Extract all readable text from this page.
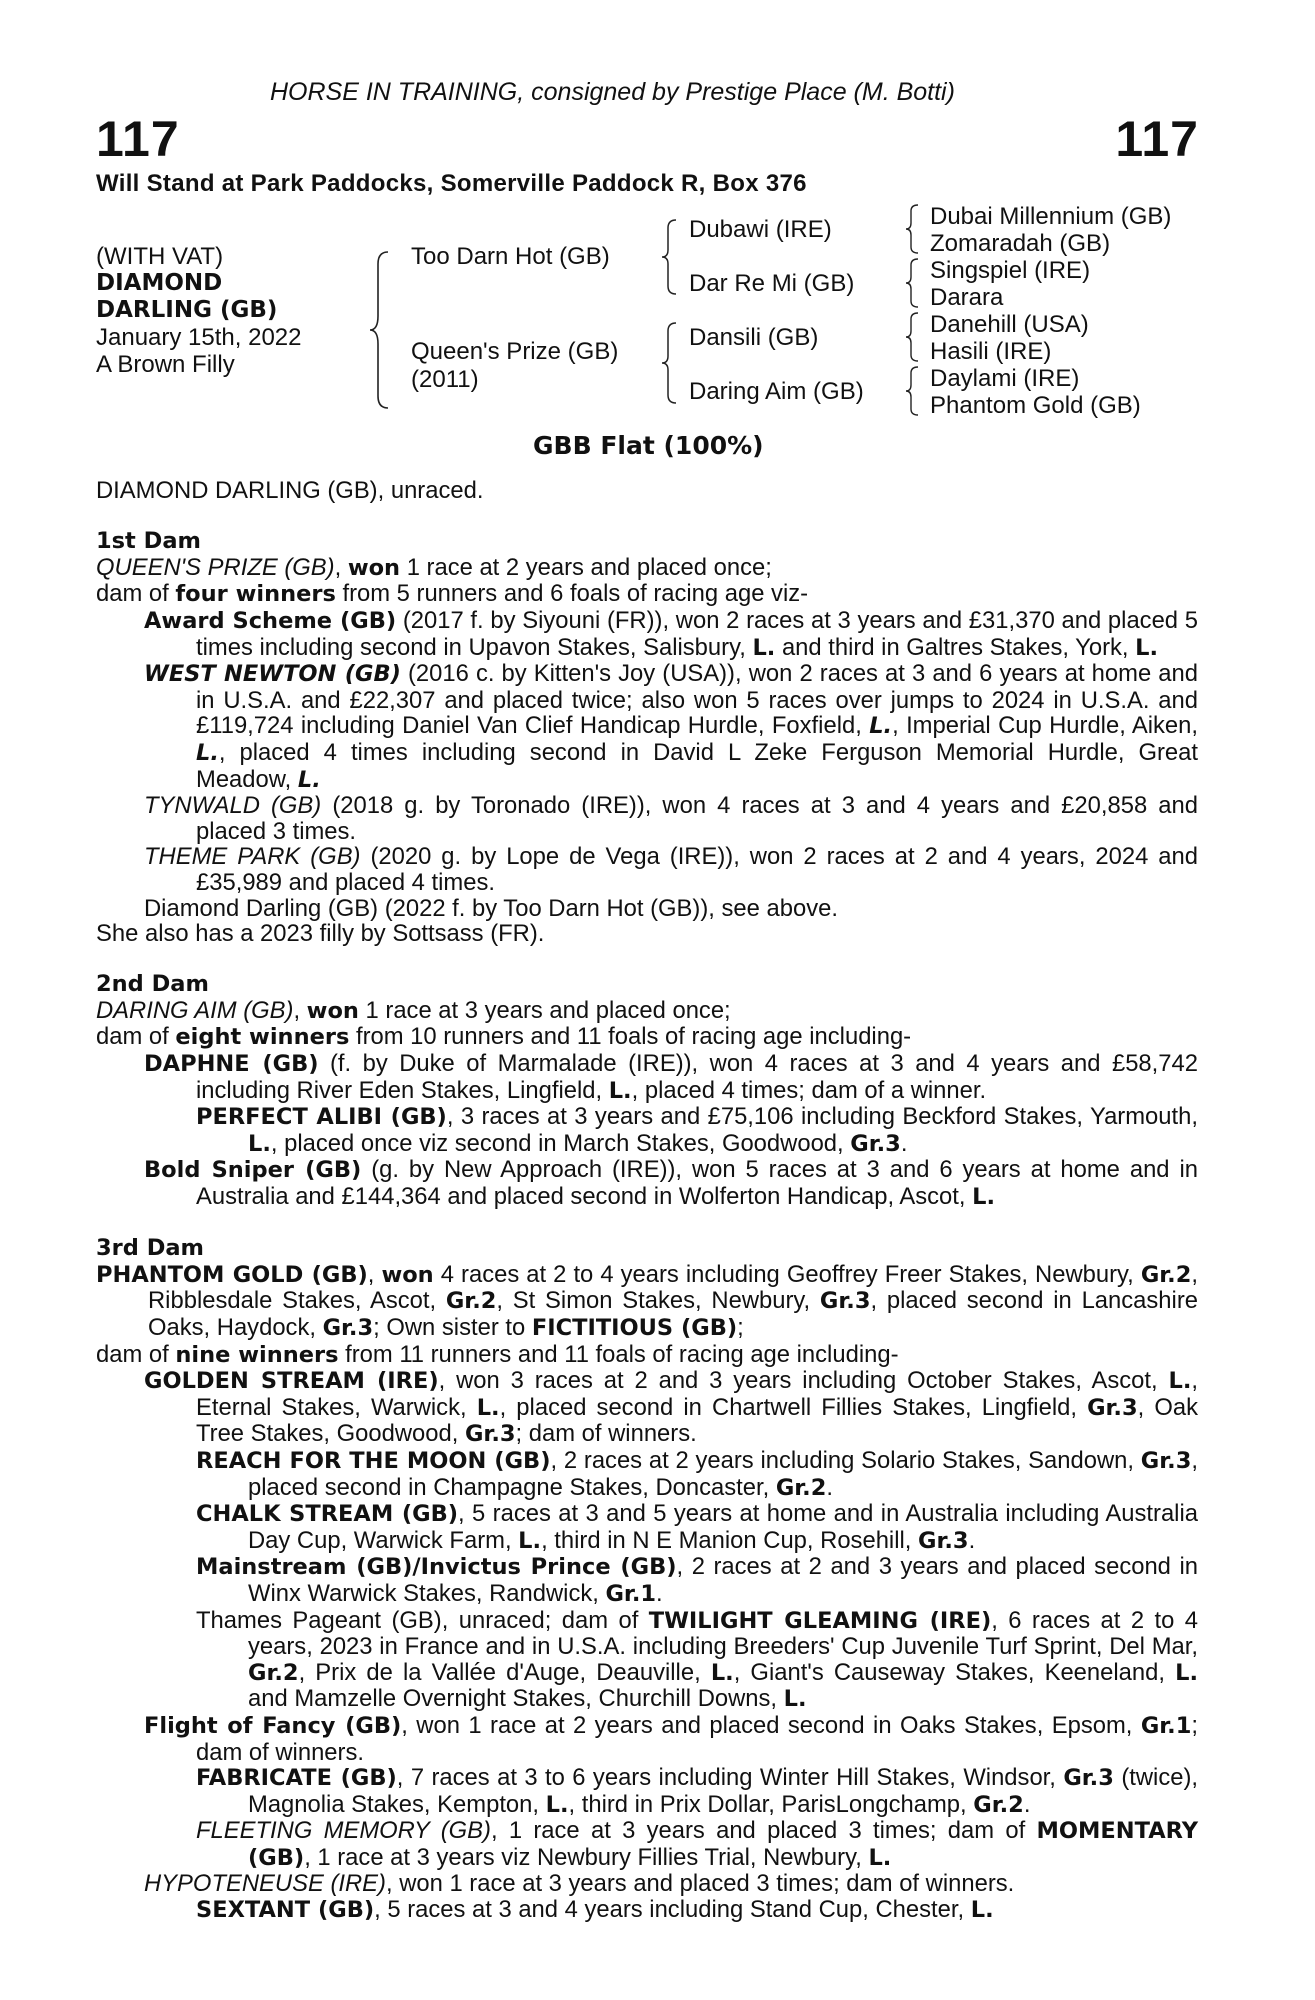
HORSE IN TRAINING, consigned by Prestige Place (M. Botti)
117	117
Will Stand at Park Paddocks, Somerville Paddock R, Box 376
(WITH VAT)
DIAMOND
DARLING (GB)
January 15th, 2022
A Brown Filly
Too Darn Hot (GB)
Queen's Prize (GB)
(2011)
Dubawi (IRE)
Dar Re Mi (GB)
Dansili (GB)
Daring Aim (GB)
Dubai Millennium (GB)
Zomaradah (GB)
Singspiel (IRE)
Darara
Danehill (USA)
Hasili (IRE)
Daylami (IRE)
Phantom Gold (GB)
GBB Flat (100%)

DIAMOND DARLING (GB), unraced.

1st Dam

QUEEN'S PRIZE (GB), won 1 race at 2 years and placed once;

dam of four winners from 5 runners and 6 foals of racing age viz-

Award Scheme (GB) (2017 f. by Siyouni (FR)), won 2 races at 3 years and £31,370 and placed 5 times including second in Upavon Stakes, Salisbury, L. and third in Galtres Stakes, York, L.

WEST NEWTON (GB) (2016 c. by Kitten's Joy (USA)), won 2 races at 3 and 6 years at home and in U.S.A. and £22,307 and placed twice; also won 5 races over jumps to 2024 in U.S.A. and £119,724 including Daniel Van Clief Handicap Hurdle, Foxfield, L., Imperial Cup Hurdle, Aiken, L., placed 4 times including second in David L Zeke Ferguson Memorial Hurdle, Great Meadow, L.

TYNWALD (GB) (2018 g. by Toronado (IRE)), won 4 races at 3 and 4 years and £20,858 and placed 3 times.

THEME PARK (GB) (2020 g. by Lope de Vega (IRE)), won 2 races at 2 and 4 years, 2024 and £35,989 and placed 4 times.

Diamond Darling (GB) (2022 f. by Too Darn Hot (GB)), see above.

She also has a 2023 filly by Sottsass (FR).

2nd Dam

DARING AIM (GB), won 1 race at 3 years and placed once;

dam of eight winners from 10 runners and 11 foals of racing age including-

DAPHNE (GB) (f. by Duke of Marmalade (IRE)), won 4 races at 3 and 4 years and £58,742 including River Eden Stakes, Lingfield, L., placed 4 times; dam of a winner.

PERFECT ALIBI (GB), 3 races at 3 years and £75,106 including Beckford Stakes, Yarmouth, L., placed once viz second in March Stakes, Goodwood, Gr.3.

Bold Sniper (GB) (g. by New Approach (IRE)), won 5 races at 3 and 6 years at home and in Australia and £144,364 and placed second in Wolferton Handicap, Ascot, L.

3rd Dam

PHANTOM GOLD (GB), won 4 races at 2 to 4 years including Geoffrey Freer Stakes, Newbury, Gr.2, Ribblesdale Stakes, Ascot, Gr.2, St Simon Stakes, Newbury, Gr.3, placed second in Lancashire Oaks, Haydock, Gr.3; Own sister to FICTITIOUS (GB);

dam of nine winners from 11 runners and 11 foals of racing age including-

GOLDEN STREAM (IRE), won 3 races at 2 and 3 years including October Stakes, Ascot, L., Eternal Stakes, Warwick, L., placed second in Chartwell Fillies Stakes, Lingfield, Gr.3, Oak Tree Stakes, Goodwood, Gr.3; dam of winners.

REACH FOR THE MOON (GB), 2 races at 2 years including Solario Stakes, Sandown, Gr.3, placed second in Champagne Stakes, Doncaster, Gr.2.

CHALK STREAM (GB), 5 races at 3 and 5 years at home and in Australia including Australia Day Cup, Warwick Farm, L., third in N E Manion Cup, Rosehill, Gr.3.

Mainstream (GB)/Invictus Prince (GB), 2 races at 2 and 3 years and placed second in Winx Warwick Stakes, Randwick, Gr.1.

Thames Pageant (GB), unraced; dam of TWILIGHT GLEAMING (IRE), 6 races at 2 to 4 years, 2023 in France and in U.S.A. including Breeders' Cup Juvenile Turf Sprint, Del Mar, Gr.2, Prix de la Vallée d'Auge, Deauville, L., Giant's Causeway Stakes, Keeneland, L. and Mamzelle Overnight Stakes, Churchill Downs, L.

Flight of Fancy (GB), won 1 race at 2 years and placed second in Oaks Stakes, Epsom, Gr.1; dam of winners.

FABRICATE (GB), 7 races at 3 to 6 years including Winter Hill Stakes, Windsor, Gr.3 (twice), Magnolia Stakes, Kempton, L., third in Prix Dollar, ParisLongchamp, Gr.2.

FLEETING MEMORY (GB), 1 race at 3 years and placed 3 times; dam of MOMENTARY (GB), 1 race at 3 years viz Newbury Fillies Trial, Newbury, L.

HYPOTENEUSE (IRE), won 1 race at 3 years and placed 3 times; dam of winners.

SEXTANT (GB), 5 races at 3 and 4 years including Stand Cup, Chester, L.
